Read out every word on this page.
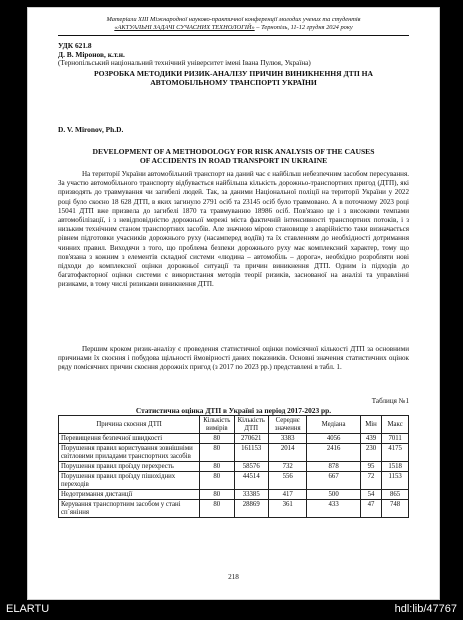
Матеріали XIII Міжнародної науково-практичної конференції молодих учених та студентів
«АКТУАЛЬНІ ЗАДАЧІ СУЧАСНИХ ТЕХНОЛОГІЙ» – Тернопіль, 11-12 грудня 2024 року
УДК 621.8
Д. В. Міронов, к.т.н.
(Тернопільський національний технічний університет імені Івана Пулюя, Україна)
РОЗРОБКА МЕТОДИКИ РИЗИК-АНАЛІЗУ ПРИЧИН ВИНИКНЕННЯ ДТП НА
АВТОМОБІЛЬНОМУ ТРАНСПОРТІ УКРАЇНИ
D. V. Mironov, Ph.D.
DEVELOPMENT OF A METHODOLOGY FOR RISK ANALYSIS OF THE CAUSES
OF ACCIDENTS IN ROAD TRANSPORT IN UKRAINE

На території України автомобільний транспорт на даний час є найбільш небезпечним засобом пересування. За участю автомобільного транспорту відбувається найбільша кількість дорожньо-транспортних пригод (ДТП), які призводять до травмування чи загибелі людей. Так, за даними Національної поліції на території України у 2022 році було скоєно 18 628 ДТП, в яких загинуло 2791 осіб та 23145 осіб було травмовано. А в поточному 2023 році 15041 ДТП вже призвела до загибелі 1870 та травмуванню 18986 осіб. Пов'язано це і з високими темпами автомобілізації, і з невідповідністю дорожньої мережі міста фактичній інтенсивності транспортних потоків, і з низьким технічним станом транспортних засобів. Але значною мірою становище з аварійністю таки визначається рівнем підготовки учасників дорожнього руху (насамперед водіїв) та їх ставленням до необхідності дотримання чинних правил. Виходячи з того, що проблема безпеки дорожнього руху має комплексний характер, тому що пов'язана з кожним з елементів складної системи «людина – автомобіль – дорога», необхідно розробляти нові підходи до комплексної оцінки дорожньої ситуації та причин виникнення ДТП. Одним із підходів до багатофакторної оцінки системи є використання методів теорії ризиків, заснованої на аналізі та управлінні ризиками, в тому числі ризиками виникнення ДТП.

Першим кроком ризик-аналізу є проведення статистичної оцінки помісячної кількості ДТП за основними причинами їх скоєння і побудова щільності ймовірності даних показників. Основні значення статистичних оцінок ряду помісячних причин скоєння дорожніх пригод (з 2017 по 2023 рр.) представлені в табл. 1.

Таблиця №1
Статистична оцінка ДТП в Україні за період 2017-2023 рр.
Причина скоєння ДТП	Кількість вимірів	Кількість ДТП	Середнє значення	Медіана	Мін	Макс
Перевищення безпечної швидкості	80	270621	3383	4056	439	7011
Порушення правил користування зовнішніми світловими приладами транспортних засобів	80	161153	2014	2416	230	4175
Порушення правил проїзду перехресть	80	58576	732	878	95	1518
Порушення правил проїзду пішохідних переходів	80	44514	556	667	72	1153
Недотримання дистанції	80	33385	417	500	54	865
Керування транспортним засобом у стані сп`яніння	80	28869	361	433	47	748
218
ELARTU	hdl:lib/47767
